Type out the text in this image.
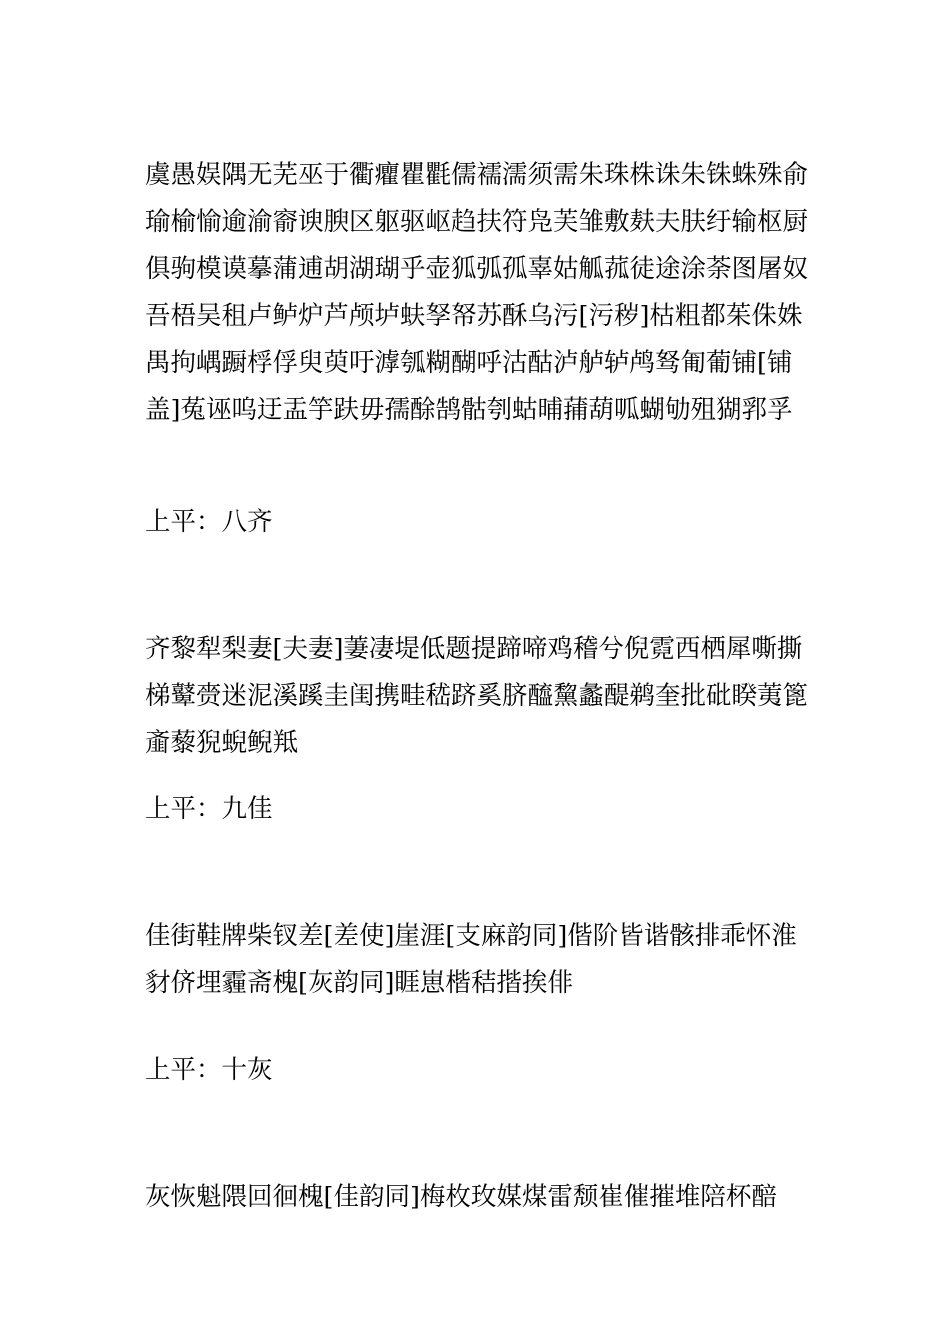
虞愚娱隅无芜巫于衢癯瞿氍儒襦濡须需朱珠株诛朱铢蛛殊俞瑜榆愉逾渝窬谀腴区躯驱岖趋扶符凫芙雏敷麸夫肤纡输枢厨俱驹模谟摹蒲逋胡湖瑚乎壶狐弧孤辜姑觚菰徒途涂荼图屠奴吾梧吴租卢鲈炉芦颅垆蚨孥帑苏酥乌污[污秽]枯粗都茱侏姝禺拘嵎蹰桴俘臾萸吁滹瓠糊醐呼沽酤泸舻轳鸬驽匍葡铺[铺盖]菟诬呜迂盂竽趺毋孺酴鹄骷刳蛄晡蒱葫呱蝴劬殂猢郛孚

上平：八齐

齐黎犁梨妻[夫妻]萋凄堤低题提蹄啼鸡稽兮倪霓西栖犀嘶撕梯鼙赍迷泥溪蹊圭闺携畦嵇跻奚脐醯黧蠡醍鹈奎批砒睽荑篦齑藜猊蜺鲵羝

上平：九佳

佳街鞋牌柴钗差[差使]崖涯[支麻韵同]偕阶皆谐骸排乖怀淮豺侪埋霾斋槐[灰韵同]睚崽楷秸揩挨俳

上平：十灰

灰恢魁隈回徊槐[佳韵同]梅枚玫媒煤雷颓崔催摧堆陪杯醅
